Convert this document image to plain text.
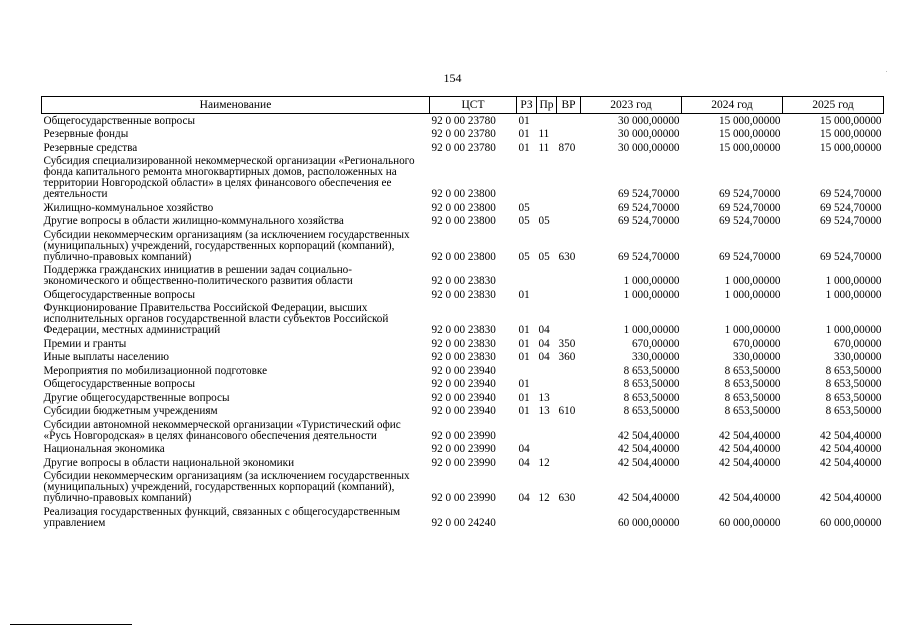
154
Наименование	ЦСТ	РЗ	Пр	ВР	2023 год	2024 год	2025 год
Общегосударственные вопросы	92 0 00 23780	01			30 000,00000	15 000,00000	15 000,00000
Резервные фонды	92 0 00 23780	01	11		30 000,00000	15 000,00000	15 000,00000
Резервные средства	92 0 00 23780	01	11	870	30 000,00000	15 000,00000	15 000,00000
Субсидия специализированной некоммерческой организации «Регионального фонда капитального ремонта многоквартирных домов, расположенных на территории Новгородской области» в целях финансового обеспечения ее деятельности	92 0 00 23800				69 524,70000	69 524,70000	69 524,70000
Жилищно-коммунальное хозяйство	92 0 00 23800	05			69 524,70000	69 524,70000	69 524,70000
Другие вопросы в области жилищно-коммунального хозяйства	92 0 00 23800	05	05		69 524,70000	69 524,70000	69 524,70000
Субсидии некоммерческим организациям (за исключением государственных (муниципальных) учреждений, государственных корпораций (компаний), публично-правовых компаний)	92 0 00 23800	05	05	630	69 524,70000	69 524,70000	69 524,70000
Поддержка гражданских инициатив в решении задач социально-экономического и общественно-политического развития области	92 0 00 23830				1 000,00000	1 000,00000	1 000,00000
Общегосударственные вопросы	92 0 00 23830	01			1 000,00000	1 000,00000	1 000,00000
Функционирование Правительства Российской Федерации, высших исполнительных органов государственной власти субъектов Российской Федерации, местных администраций	92 0 00 23830	01	04		1 000,00000	1 000,00000	1 000,00000
Премии и гранты	92 0 00 23830	01	04	350	670,00000	670,00000	670,00000
Иные выплаты населению	92 0 00 23830	01	04	360	330,00000	330,00000	330,00000
Мероприятия по мобилизационной подготовке	92 0 00 23940				8 653,50000	8 653,50000	8 653,50000
Общегосударственные вопросы	92 0 00 23940	01			8 653,50000	8 653,50000	8 653,50000
Другие общегосударственные вопросы	92 0 00 23940	01	13		8 653,50000	8 653,50000	8 653,50000
Субсидии бюджетным учреждениям	92 0 00 23940	01	13	610	8 653,50000	8 653,50000	8 653,50000
Субсидии автономной некоммерческой организации «Туристический офис «Русь Новгородская» в целях финансового обеспечения деятельности	92 0 00 23990				42 504,40000	42 504,40000	42 504,40000
Национальная экономика	92 0 00 23990	04			42 504,40000	42 504,40000	42 504,40000
Другие вопросы в области национальной экономики	92 0 00 23990	04	12		42 504,40000	42 504,40000	42 504,40000
Субсидии некоммерческим организациям (за исключением государственных (муниципальных) учреждений, государственных корпораций (компаний), публично-правовых компаний)	92 0 00 23990	04	12	630	42 504,40000	42 504,40000	42 504,40000
Реализация государственных функций, связанных с общегосударственным управлением	92 0 00 24240				60 000,00000	60 000,00000	60 000,00000
